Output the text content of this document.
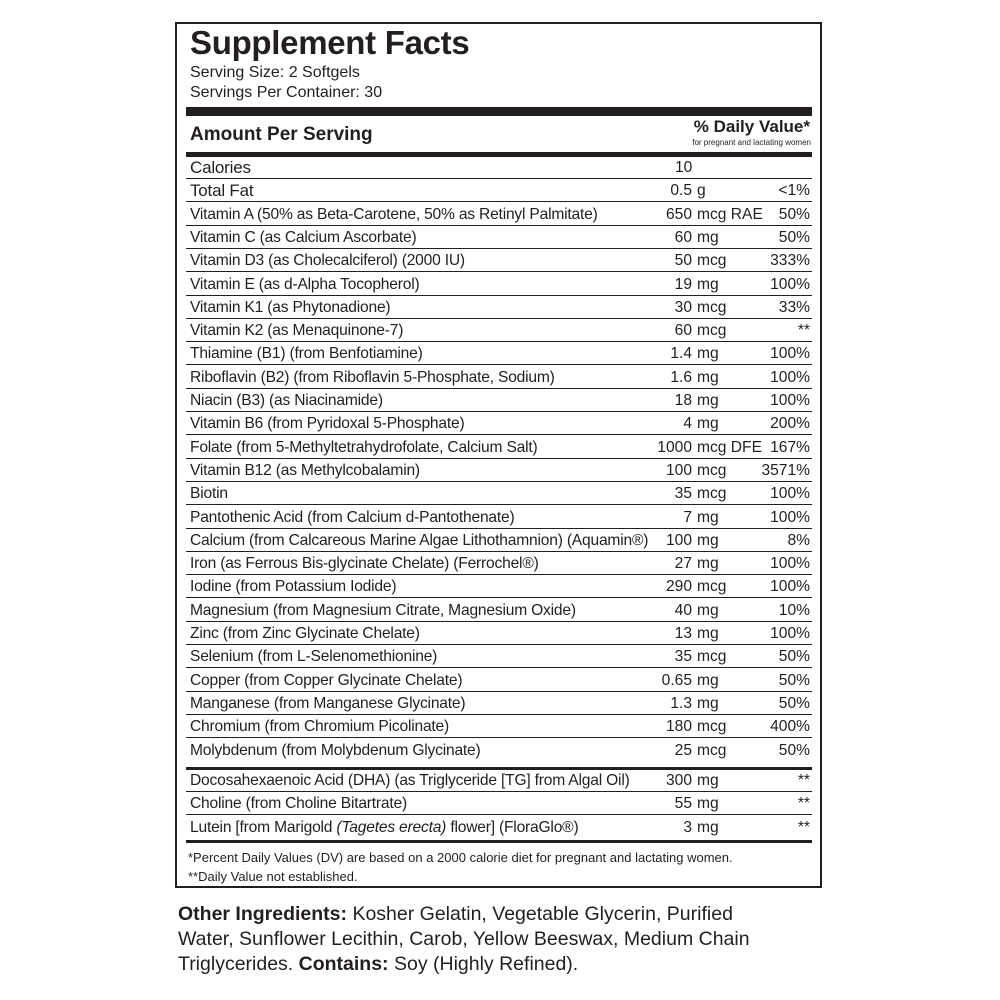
Supplement Facts
Serving Size: 2 Softgels
Servings Per Container: 30
Amount Per Serving	% Daily Value*
for pregnant and lactating women
Calories	10
Total Fat	0.5 g	<1%
Vitamin A (50% as Beta-Carotene, 50% as Retinyl Palmitate)	650 mcg RAE 50%
Vitamin C (as Calcium Ascorbate)	60 mg	50%
Vitamin D3 (as Cholecalciferol) (2000 IU)	50 mcg	333%
Vitamin E (as d-Alpha Tocopherol)	19 mg	100%
Vitamin K1 (as Phytonadione)	30 mcg	33%
Vitamin K2 (as Menaquinone-7)	60 mcg	**
Thiamine (B1) (from Benfotiamine)	1.4 mg	100%
Riboflavin (B2) (from Riboflavin 5-Phosphate, Sodium)	1.6 mg	100%
Niacin (B3) (as Niacinamide)	18 mg	100%
Vitamin B6 (from Pyridoxal 5-Phosphate)	4 mg	200%
Folate (from 5-Methyltetrahydrofolate, Calcium Salt)	1000 mcg DFE 167%
Vitamin B12 (as Methylcobalamin)	100 mcg 3571%
Biotin	35 mcg	100%
Pantothenic Acid (from Calcium d-Pantothenate)	7 mg	100%
Calcium (from Calcareous Marine Algae Lithothamnion) (Aquamin®) 100 mg	8%
Iron (as Ferrous Bis-glycinate Chelate) (Ferrochel®)	27 mg	100%
Iodine (from Potassium Iodide)	290 mcg	100%
Magnesium (from Magnesium Citrate, Magnesium Oxide)	40 mg	10%
Zinc (from Zinc Glycinate Chelate)	13 mg	100%
Selenium (from L-Selenomethionine)	35 mcg	50%
Copper (from Copper Glycinate Chelate)	0.65 mg	50%
Manganese (from Manganese Glycinate)	1.3 mg	50%
Chromium (from Chromium Picolinate)	180 mcg	400%
Molybdenum (from Molybdenum Glycinate)	25 mcg	50%
Docosahexaenoic Acid (DHA) (as Triglyceride [TG] from Algal Oil) 300 mg	**
Choline (from Choline Bitartrate)	55 mg	**
Lutein [from Marigold (Tagetes erecta) flower] (FloraGlo®)	3 mg	**
*Percent Daily Values (DV) are based on a 2000 calorie diet for pregnant and lactating women.
**Daily Value not established.
Other Ingredients: Kosher Gelatin, Vegetable Glycerin, Purified Water, Sunflower Lecithin, Carob, Yellow Beeswax, Medium Chain Triglycerides. Contains: Soy (Highly Refined).
